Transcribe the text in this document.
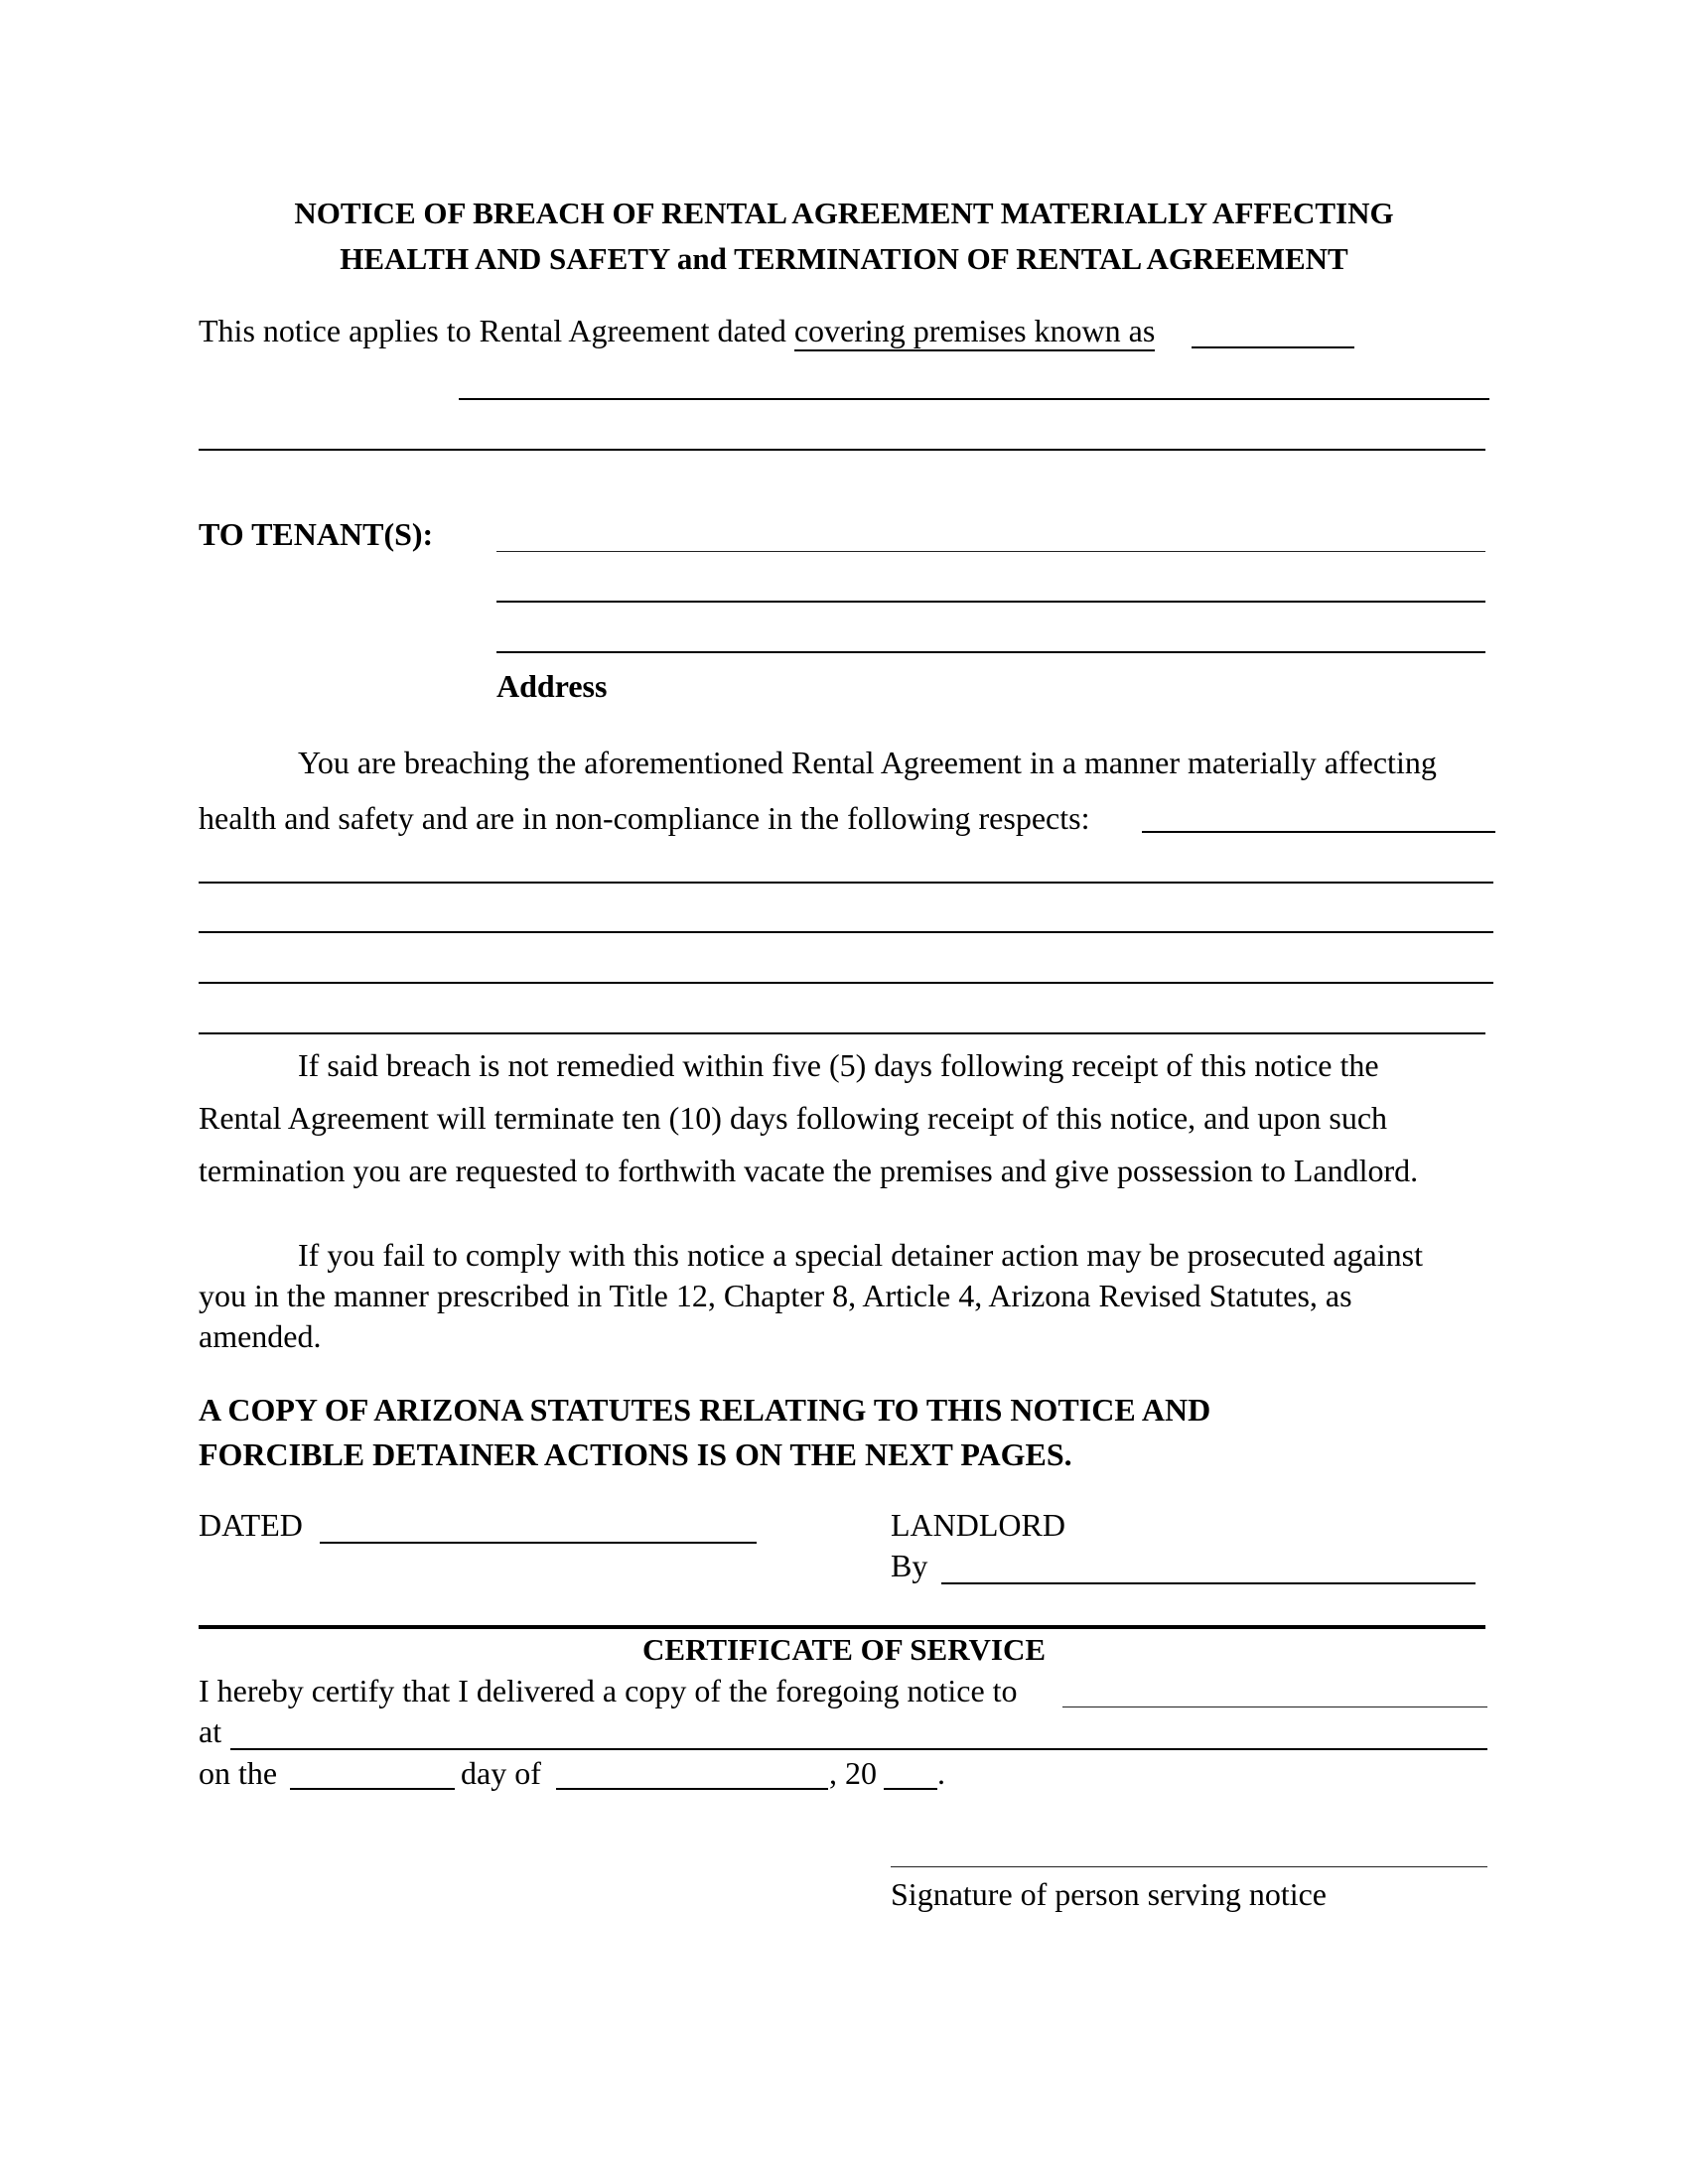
NOTICE OF BREACH OF RENTAL AGREEMENT MATERIALLY AFFECTING
HEALTH AND SAFETY and TERMINATION OF RENTAL AGREEMENT
This notice applies to Rental Agreement dated covering premises known as
TO TENANT(S):
Address
You are breaching the aforementioned Rental Agreement in a manner materially affecting
health and safety and are in non-compliance in the following respects:
If said breach is not remedied within five (5) days following receipt of this notice the
Rental Agreement will terminate ten (10) days following receipt of this notice, and upon such
termination you are requested to forthwith vacate the premises and give possession to Landlord.
If you fail to comply with this notice a special detainer action may be prosecuted against
you in the manner prescribed in Title 12, Chapter 8, Article 4, Arizona Revised Statutes, as
amended.
A COPY OF ARIZONA STATUTES RELATING TO THIS NOTICE AND
FORCIBLE DETAINER ACTIONS IS ON THE NEXT PAGES.
DATED	LANDLORD
By
CERTIFICATE OF SERVICE
I hereby certify that I delivered a copy of the foregoing notice to
at
on the	day of	, 20 .
Signature of person serving notice
